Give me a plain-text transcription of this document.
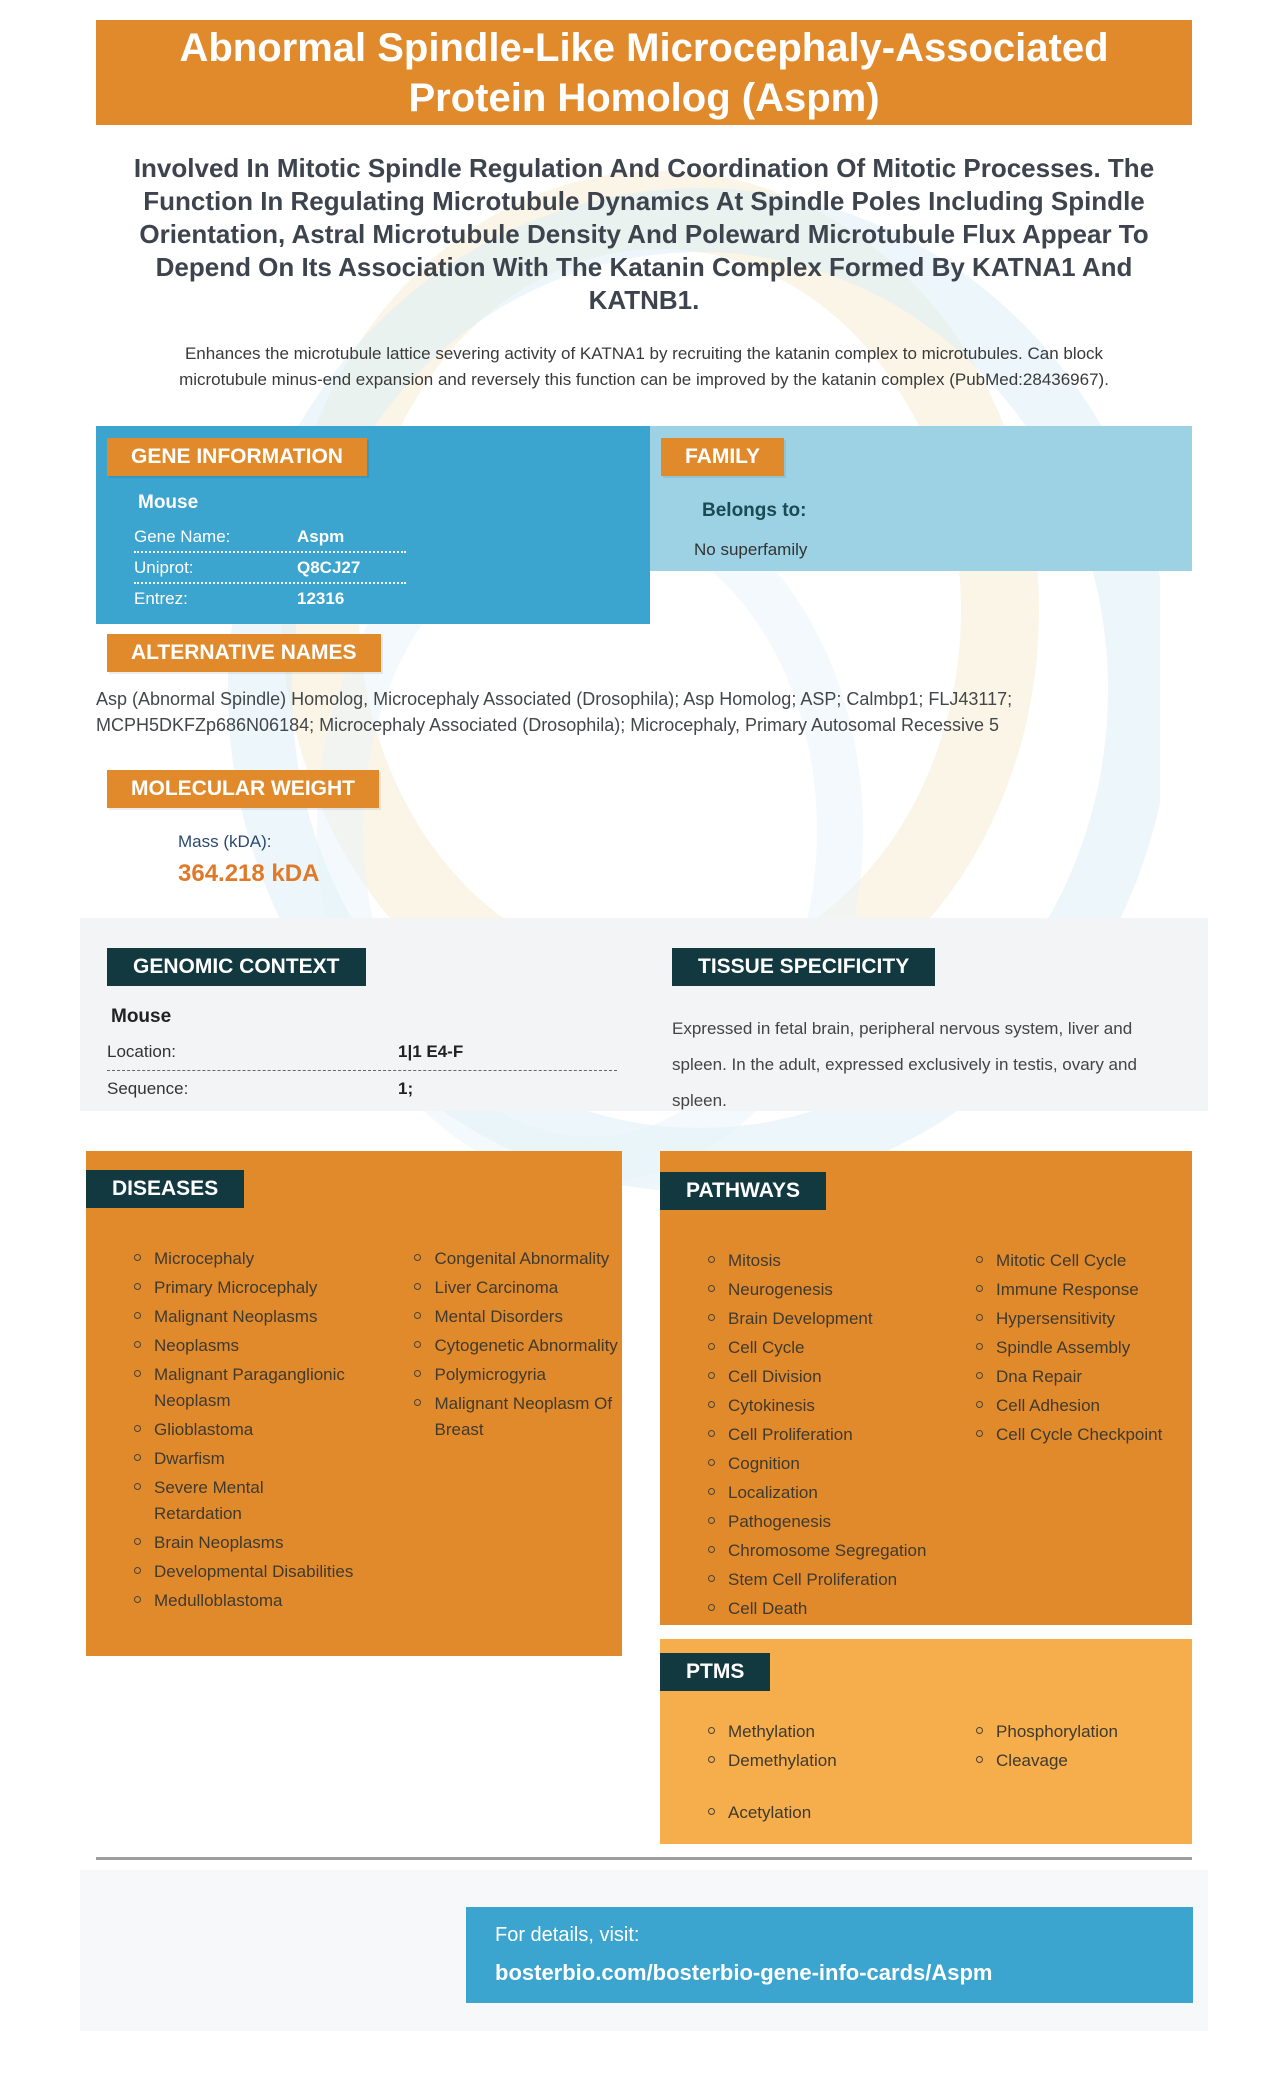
Abnormal Spindle-Like Microcephaly-Associated Protein Homolog (Aspm)
Involved In Mitotic Spindle Regulation And Coordination Of Mitotic Processes. The Function In Regulating Microtubule Dynamics At Spindle Poles Including Spindle Orientation, Astral Microtubule Density And Poleward Microtubule Flux Appear To Depend On Its Association With The Katanin Complex Formed By KATNA1 And KATNB1.
Enhances the microtubule lattice severing activity of KATNA1 by recruiting the katanin complex to microtubules. Can block microtubule minus-end expansion and reversely this function can be improved by the katanin complex (PubMed:28436967).
GENE INFORMATION
Mouse
Gene Name:	Aspm
Uniprot:	Q8CJ27
Entrez:	12316
FAMILY
Belongs to:
No superfamily
ALTERNATIVE NAMES
Asp (Abnormal Spindle) Homolog, Microcephaly Associated (Drosophila); Asp Homolog; ASP; Calmbp1; FLJ43117; MCPH5DKFZp686N06184; Microcephaly Associated (Drosophila); Microcephaly, Primary Autosomal Recessive 5
MOLECULAR WEIGHT
Mass (kDA):
364.218 kDA
GENOMIC CONTEXT
Mouse
Location:	1|1 E4-F
Sequence:	1;
TISSUE SPECIFICITY
Expressed in fetal brain, peripheral nervous system, liver and spleen. In the adult, expressed exclusively in testis, ovary and spleen.
DISEASES
Microcephaly
Primary Microcephaly
Malignant Neoplasms
Neoplasms
Malignant Paraganglionic Neoplasm
Glioblastoma
Dwarfism
Severe Mental Retardation
Brain Neoplasms
Developmental Disabilities
Medulloblastoma
Congenital Abnormality
Liver Carcinoma
Mental Disorders
Cytogenetic Abnormality
Polymicrogyria
Malignant Neoplasm Of Breast
PATHWAYS
Mitosis
Neurogenesis
Brain Development
Cell Cycle
Cell Division
Cytokinesis
Cell Proliferation
Cognition
Localization
Pathogenesis
Chromosome Segregation
Stem Cell Proliferation
Cell Death
Mitotic Cell Cycle
Immune Response
Hypersensitivity
Spindle Assembly
Dna Repair
Cell Adhesion
Cell Cycle Checkpoint
PTMS
Methylation
Demethylation
Acetylation
Phosphorylation
Cleavage

For details, visit:

bosterbio.com/bosterbio-gene-info-cards/Aspm
